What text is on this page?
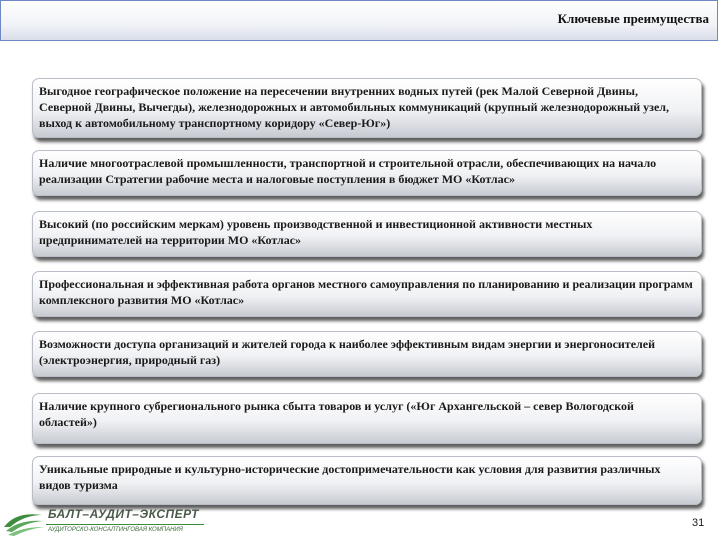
Ключевые преимущества
Выгодное географическое положение на пересечении внутренних водных путей (рек Малой Северной Двины, Северной Двины, Вычегды), железнодорожных и автомобильных коммуникаций (крупный железнодорожный узел, выход к автомобильному транспортному коридору «Север-Юг»)
Наличие многоотраслевой промышленности, транспортной и строительной отрасли, обеспечивающих на начало реализации Стратегии рабочие места и налоговые поступления в бюджет МО «Котлас»
Высокий (по российским меркам) уровень производственной и инвестиционной активности местных предпринимателей на территории МО «Котлас»
Профессиональная и эффективная работа органов местного самоуправления по планированию и реализации программ комплексного развития МО «Котлас»
Возможности доступа организаций и жителей города к наиболее эффективным видам энергии и энергоносителей (электроэнергия, природный газ)
Наличие крупного субрегионального рынка сбыта товаров и услуг («Юг Архангельской – север Вологодской областей»)
Уникальные природные и культурно-исторические достопримечательности как условия для развития различных видов туризма
БАЛТ–АУДИТ–ЭКСПЕРТ
АУДИТОРСКО-КОНСАЛТИНГОВАЯ КОМПАНИЯ
31
